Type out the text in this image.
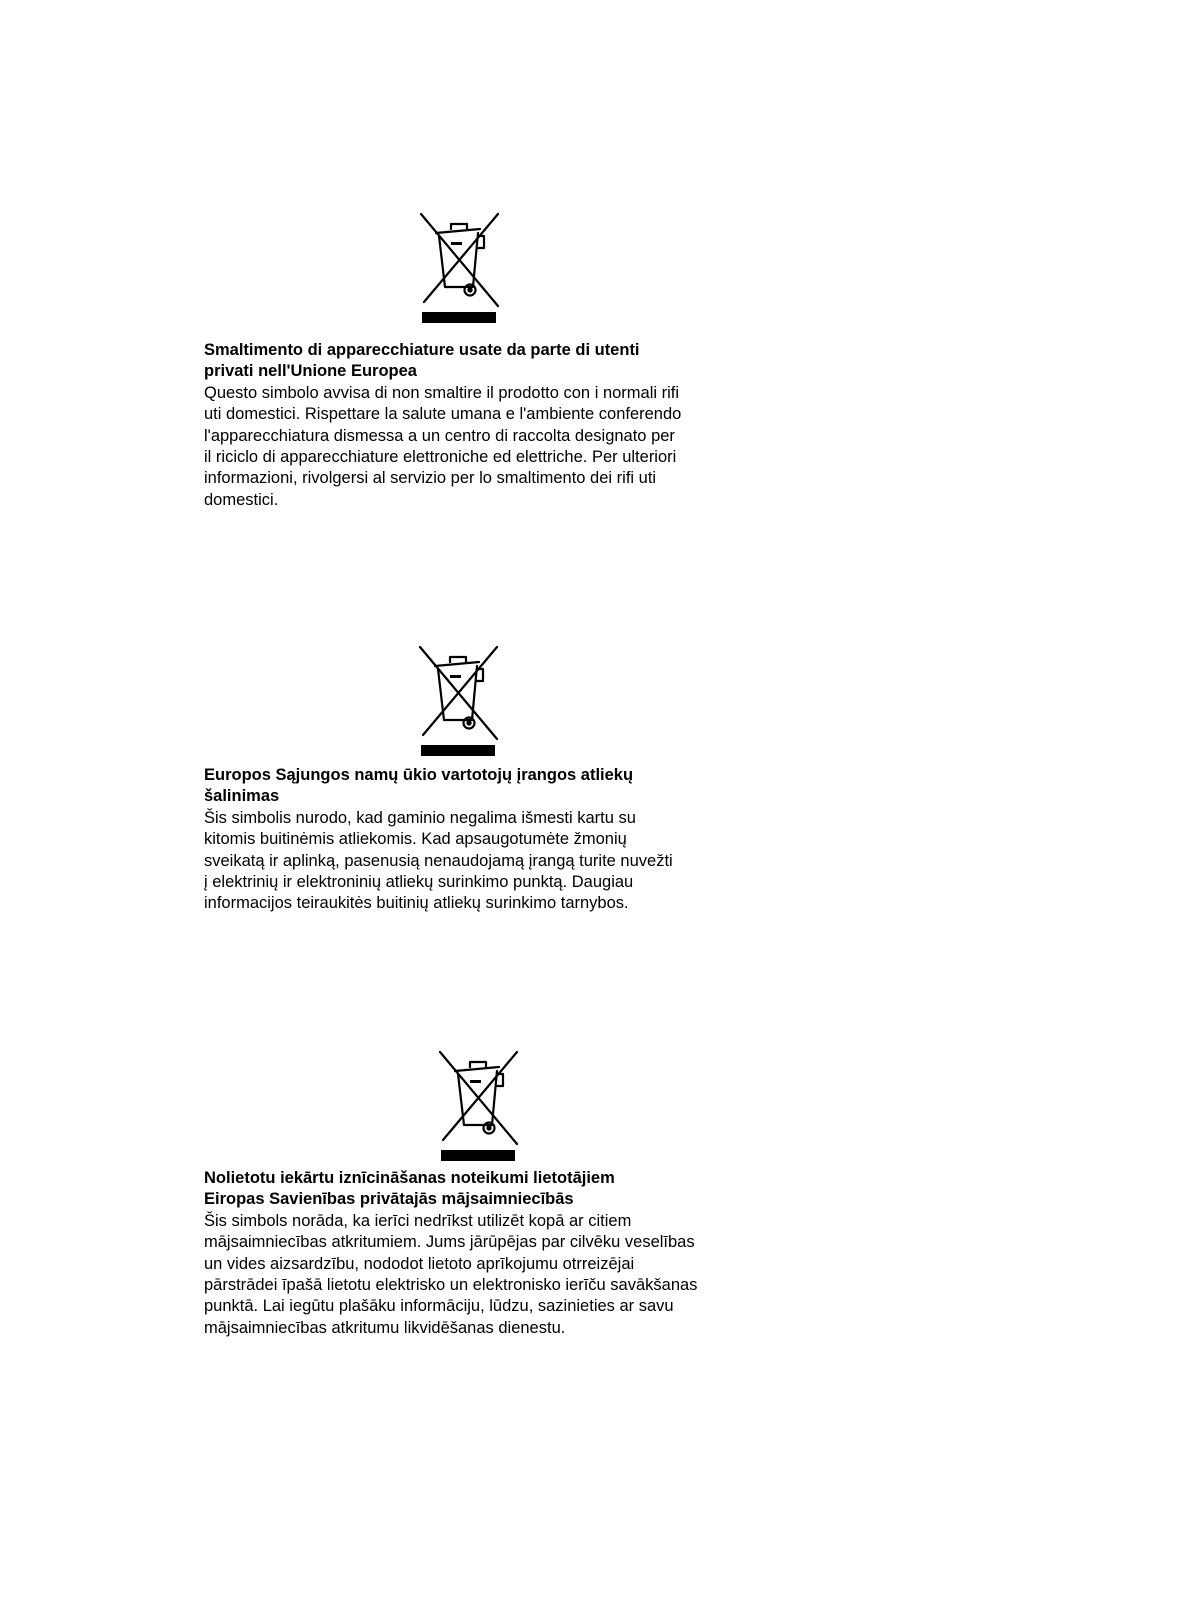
Smaltimento di apparecchiature usate da parte di utenti
privati nell'Unione Europea

Questo simbolo avvisa di non smaltire il prodotto con i normali rifi
uti domestici. Rispettare la salute umana e l'ambiente conferendo
l'apparecchiatura dismessa a un centro di raccolta designato per
il riciclo di apparecchiature elettroniche ed elettriche. Per ulteriori
informazioni, rivolgersi al servizio per lo smaltimento dei rifi uti
domestici.

Europos Sąjungos namų ūkio vartotojų įrangos atliekų
šalinimas

Šis simbolis nurodo, kad gaminio negalima išmesti kartu su
kitomis buitinėmis atliekomis. Kad apsaugotumėte žmonių
sveikatą ir aplinką, pasenusią nenaudojamą įrangą turite nuvežti
į elektrinių ir elektroninių atliekų surinkimo punktą. Daugiau
informacijos teiraukitės buitinių atliekų surinkimo tarnybos.

Nolietotu iekārtu iznīcināšanas noteikumi lietotājiem
Eiropas Savienības privātajās mājsaimniecībās

Šis simbols norāda, ka ierīci nedrīkst utilizēt kopā ar citiem
mājsaimniecības atkritumiem. Jums jārūpējas par cilvēku veselības
un vides aizsardzību, nododot lietoto aprīkojumu otrreizējai
pārstrādei īpašā lietotu elektrisko un elektronisko ierīču savākšanas
punktā. Lai iegūtu plašāku informāciju, lūdzu, sazinieties ar savu
mājsaimniecības atkritumu likvidēšanas dienestu.
